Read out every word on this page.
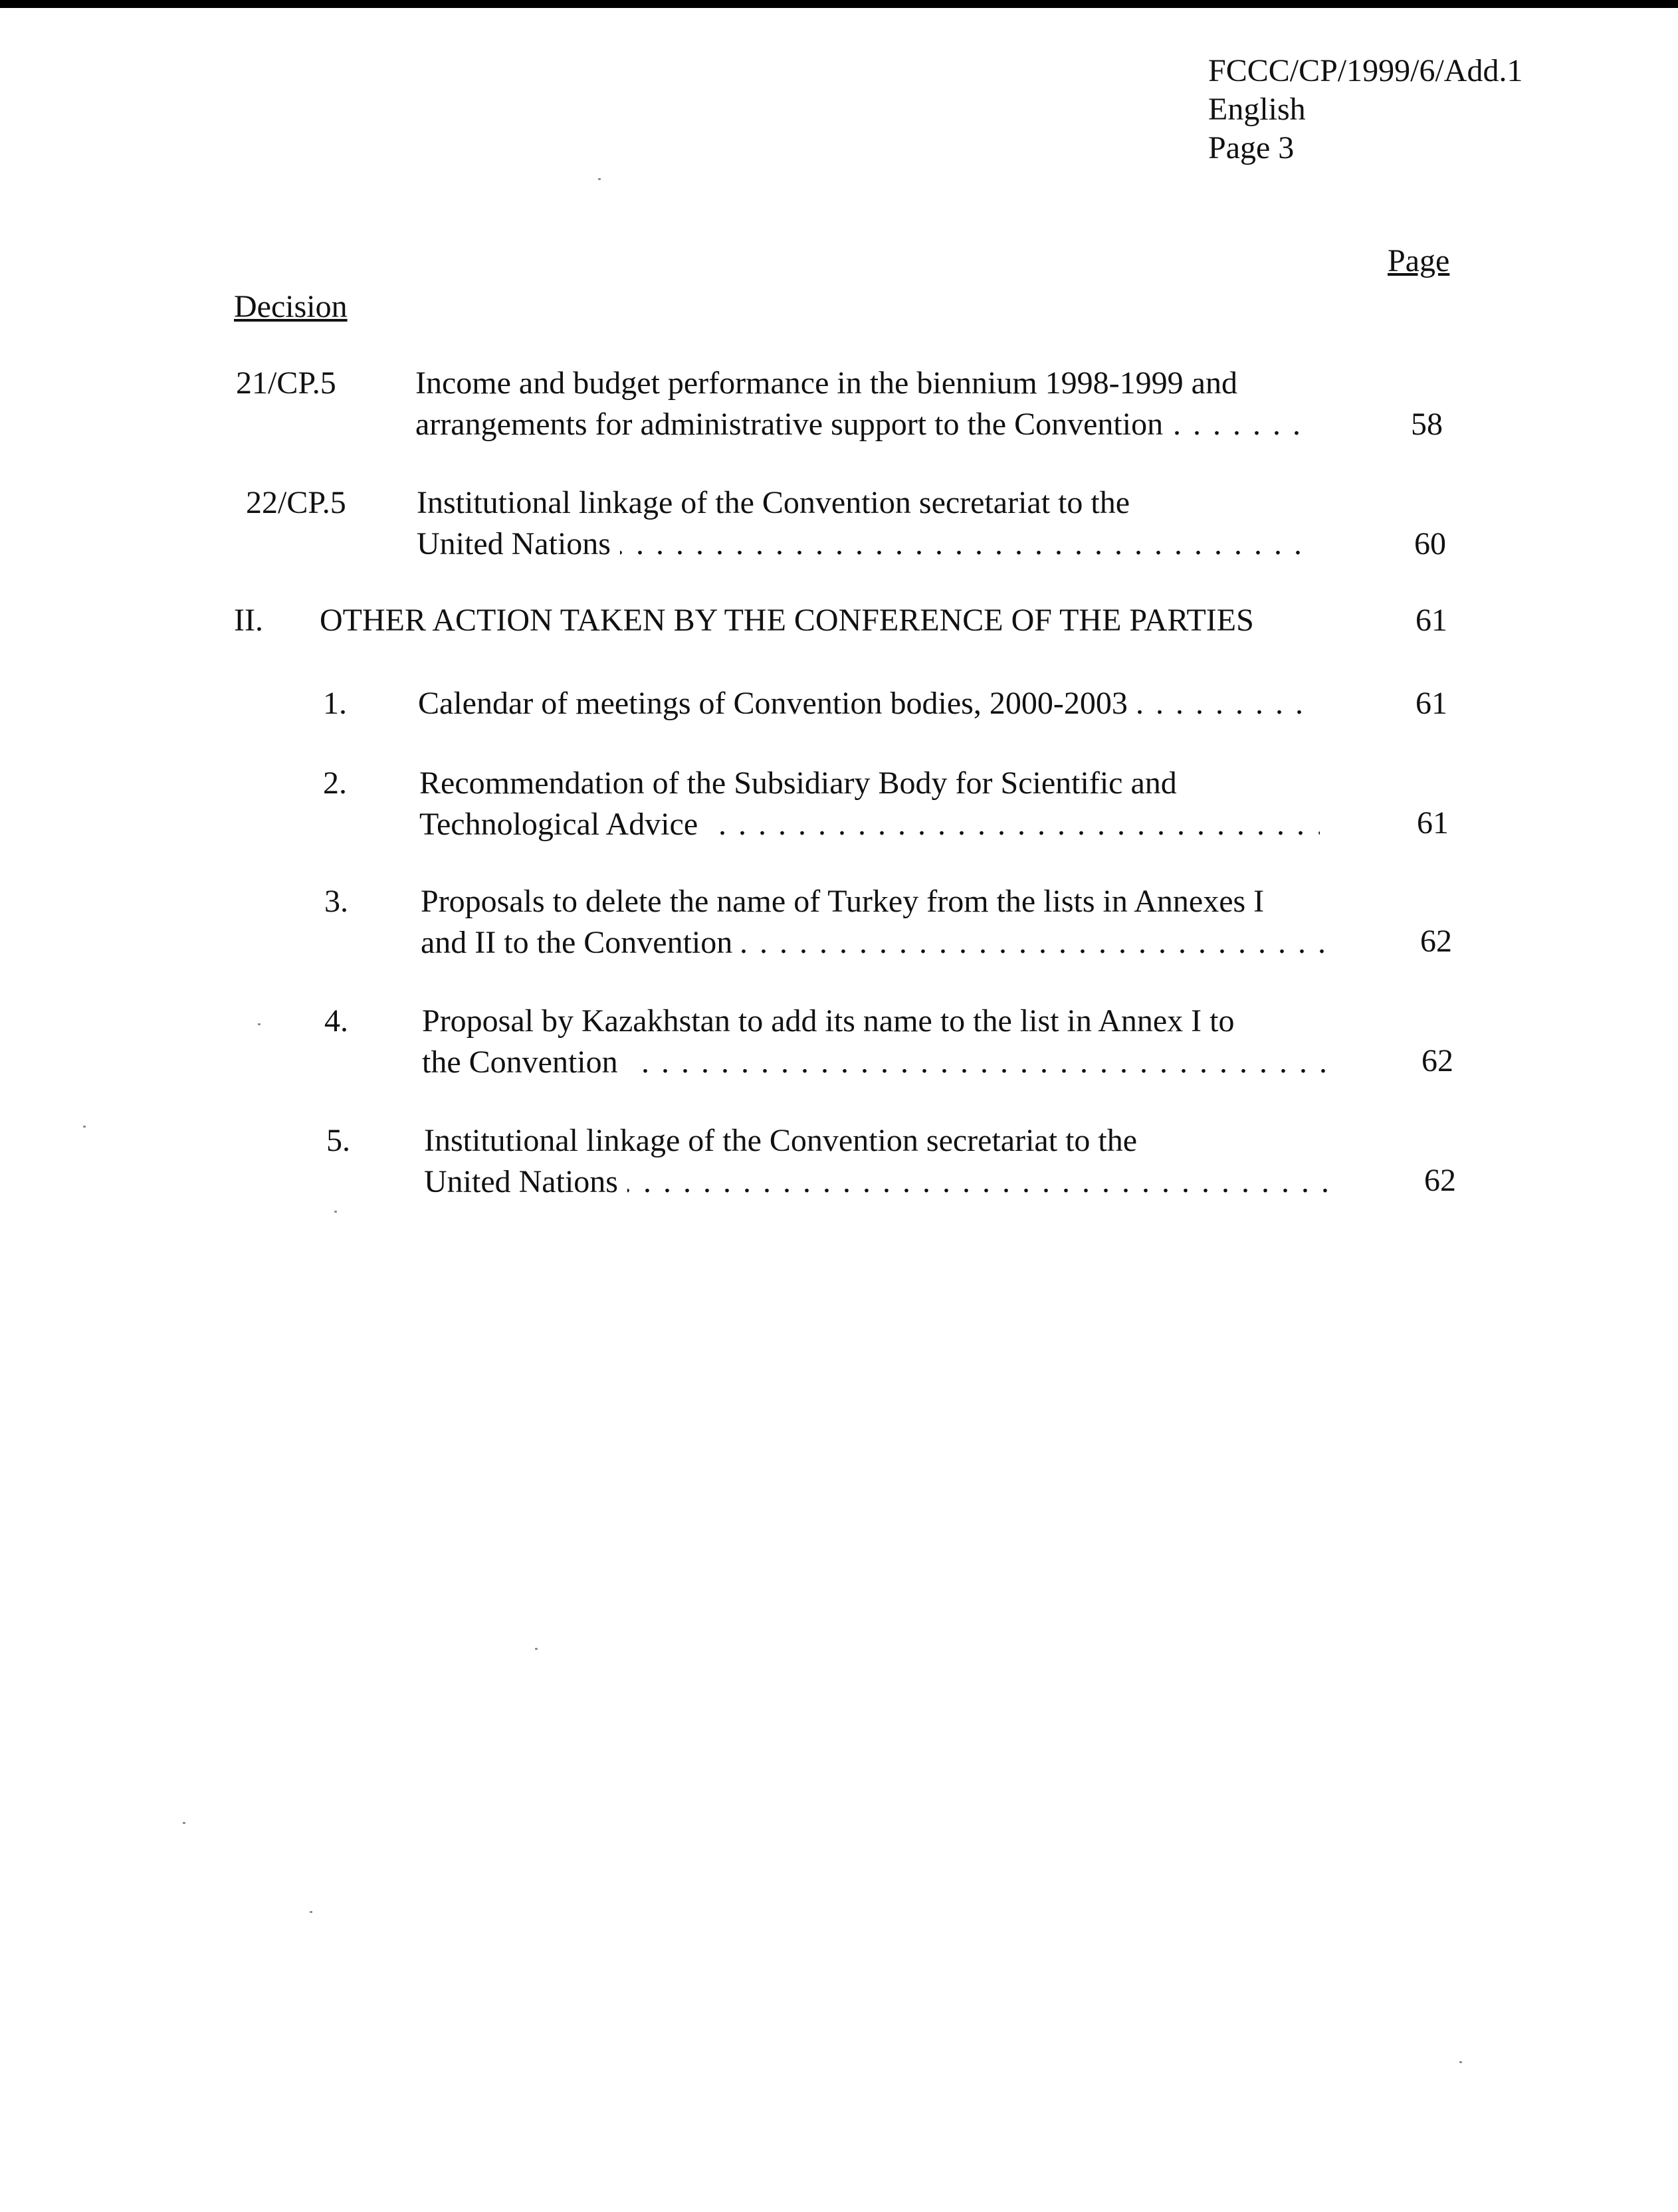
FCCC/CP/1999/6/Add.1
English
Page 3
Page
Decision
21/CP.5 Income and budget performance in the biennium 1998-1999 and
arrangements for administrative support to the Convention . . .	58
22/CP.5 Institutional linkage of the Convention secretariat to the
United Nations . . .	60
II. OTHER ACTION TAKEN BY THE CONFERENCE OF THE PARTIES	61
1. Calendar of meetings of Convention bodies, 2000-2003 . . .	61
2. Recommendation of the Subsidiary Body for Scientific and
Technological Advice . . .	61
3. Proposals to delete the name of Turkey from the lists in Annexes I
and II to the Convention . . .	62
4. Proposal by Kazakhstan to add its name to the list in Annex I to
the Convention . . .	62
5. Institutional linkage of the Convention secretariat to the
United Nations . . .	62
